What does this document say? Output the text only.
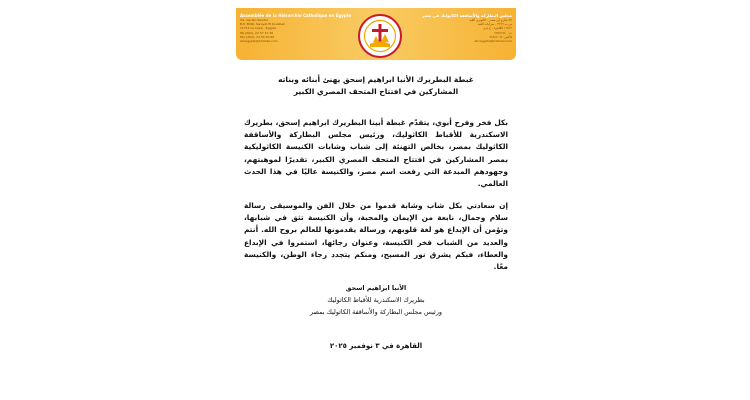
Assemblée de la Hiérarchie Catholique en Egypte
34, rue Ibn Sandar
B.P. 3696, Sarayat El Koubbeh
11712 Le Caire - Egypte
Tél.(202)- 22 57 17 40
Fax (202)- 24 54 50 66
ahcegypte@hotmail.com
مجلس البطاركة والأساقفة الكاثوليك في مصر
٣٤ شارع ابن سندر - الكوبري القبة
ص.ب ٣٦٩٦ - سرايات القبة
١١٧١٢ القاهرة - ج.م.ع
ت: ٢٢٥٧١٧٤٠
فاكس: ٢٤٥٤٥٠٦٦
ahcegypte@hotmail.com
غبطة البطريرك الأنبا ابراهيم إسحق يهنئ أبنائه وبناته
المشاركين في افتتاح المتحف المصري الكبير
بكل فخر وفرح أبوي، يتقدّم غبطة أبينا البطريرك ابراهيم إسحق، بطريرك الاسكندرية للأقباط الكاثوليك، ورئيس مجلس البطاركة والأساقفة الكاثوليك بمصر، بخالص التهنئة إلى شباب وشابات الكنيسة الكاثوليكية بمصر المشاركين في افتتاح المتحف المصري الكبير، تقديرًا لموهبتهم، وجهودهم المبدعة التي رفعت اسم مصر، والكنيسة عاليًا في هذا الحدث العالمي.
إن سعادتي بكل شاب وشابة قدموا من خلال الفن والموسيقى رسالة سلام وجمال، نابعة من الإيمان والمحبة، وأن الكنيسة تثق في شبابها، وتؤمن أن الإبداع هو لغة قلوبهم، ورسالة يقدمونها للعالم بروح الله. أنتم والعديد من الشباب فخر الكنيسة، وعنوان رجائها، استمروا في الإبداع والعطاء، فبكم يشرق نور المسيح، ومنكم يتجدد رجاء الوطن، والكنيسة معًا.
الأنبا ابراهيم اسحق
بطريرك الاسكندرية للأقباط الكاثوليك
ورئيس مجلس البطاركة والأساقفة الكاثوليك بمصر
القاهرة في ٣ نوفمبر ٢٠٢٥
